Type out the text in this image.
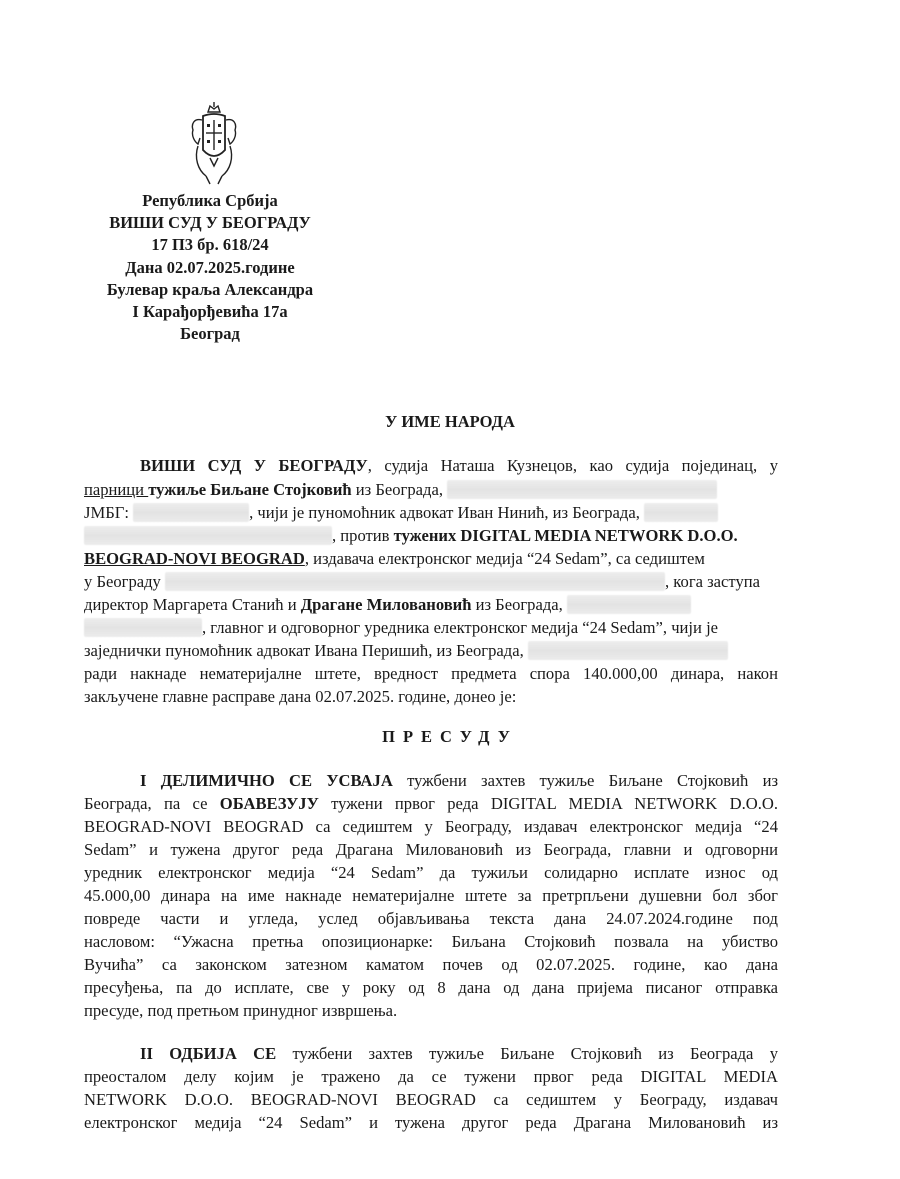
Република Србија
ВИШИ СУД У БЕОГРАДУ
17 П3 бр. 618/24
Дана 02.07.2025.године
Булевар краља Александра
I Карађорђевића 17а
Београд
У ИМЕ НАРОДА
ВИШИ СУД У БЕОГРАДУ, судија Наташа Кузнецов, као судија појединац, у
парници тужиље Биљане Стојковић из Београда,
ЈМБГ:	, чији је пуномоћник адвокат Иван Нинић, из Београда,
, против тужених DIGITAL MEDIA NETWORK D.O.O.
BEOGRAD-NOVI BEOGRAD, издавача електронског медија “24 Sedam”, са седиштем
у Београду	, кога заступа
директор Маргарета Станић и Драгане Миловановић из Београда,
, главног и одговорног уредника електронског медија “24 Sedam”, чији је
заједнички пуномоћник адвокат Ивана Перишић, из Београда,
ради накнаде нематеријалне штете, вредност предмета спора 140.000,00 динара, након
закључене главне расправе дана 02.07.2025. године, донео је:
ПРЕСУДУ
I ДЕЛИМИЧНО СЕ УСВАЈА тужбени захтев тужиље Биљане Стојковић из
Београда, па се ОБАВЕЗУЈУ тужени првог реда DIGITAL MEDIA NETWORK D.O.O.
BEOGRAD-NOVI BEOGRAD са седиштем у Београду, издавач електронског медија “24
Sedam” и тужена другог реда Драгана Миловановић из Београда, главни и одговорни
уредник електронског медија “24 Sedam” да тужиљи солидарно исплате износ од
45.000,00 динара на име накнаде нематеријалне штете за претрпљени душевни бол због
повреде части и угледа, услед објављивања текста дана 24.07.2024.године под
насловом: “Ужасна претња опозиционарке: Биљана Стојковић позвала на убиство
Вучића” са законском затезном каматом почев од 02.07.2025. године, као дана
пресуђења, па до исплате, све у року од 8 дана од дана пријема писаног отправка
пресуде, под претњом принудног извршења.
II ОДБИЈА СЕ тужбени захтев тужиље Биљане Стојковић из Београда у
преосталом делу којим је тражено да се тужени првог реда DIGITAL MEDIA
NETWORK D.O.O. BEOGRAD-NOVI BEOGRAD са седиштем у Београду, издавач
електронског медија “24 Sedam” и тужена другог реда Драгана Миловановић из
